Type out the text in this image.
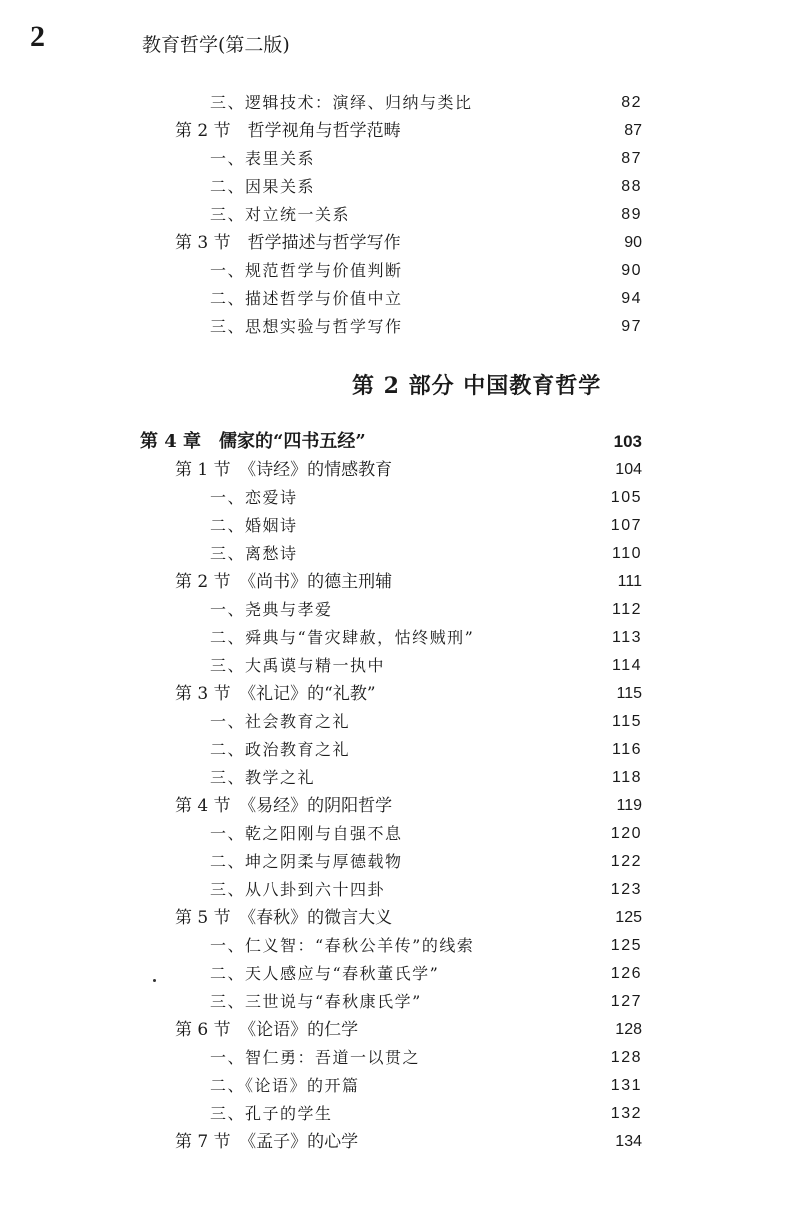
2	教育哲学(第二版)
三、逻辑技术：演绎、归纳与类比	82
第 2 节　哲学视角与哲学范畴	87
一、表里关系	87
二、因果关系	88
三、对立统一关系	89
第 3 节　哲学描述与哲学写作	90
一、规范哲学与价值判断	90
二、描述哲学与价值中立	94
三、思想实验与哲学写作	97
第 2 部分 中国教育哲学
第 4 章　儒家的“四书五经”	103
第 1 节　《诗经》的情感教育	104
一、恋爱诗	105
二、婚姻诗	107
三、离愁诗	110
第 2 节　《尚书》的德主刑辅	111
一、尧典与孝爱	112
二、舜典与“眚灾肆赦，怙终贼刑”	113
三、大禹谟与精一执中	114
第 3 节　《礼记》的“礼教”	115
一、社会教育之礼	115
二、政治教育之礼	116
三、教学之礼	118
第 4 节　《易经》的阴阳哲学	119
一、乾之阳刚与自强不息	120
二、坤之阴柔与厚德载物	122
三、从八卦到六十四卦	123
第 5 节　《春秋》的微言大义	125
一、仁义智：“春秋公羊传”的线索	125
二、天人感应与“春秋董氏学”	126
三、三世说与“春秋康氏学”	127
第 6 节　《论语》的仁学	128
一、智仁勇：吾道一以贯之	128
二、《论语》的开篇	131
三、孔子的学生	132
第 7 节　《孟子》的心学	134
